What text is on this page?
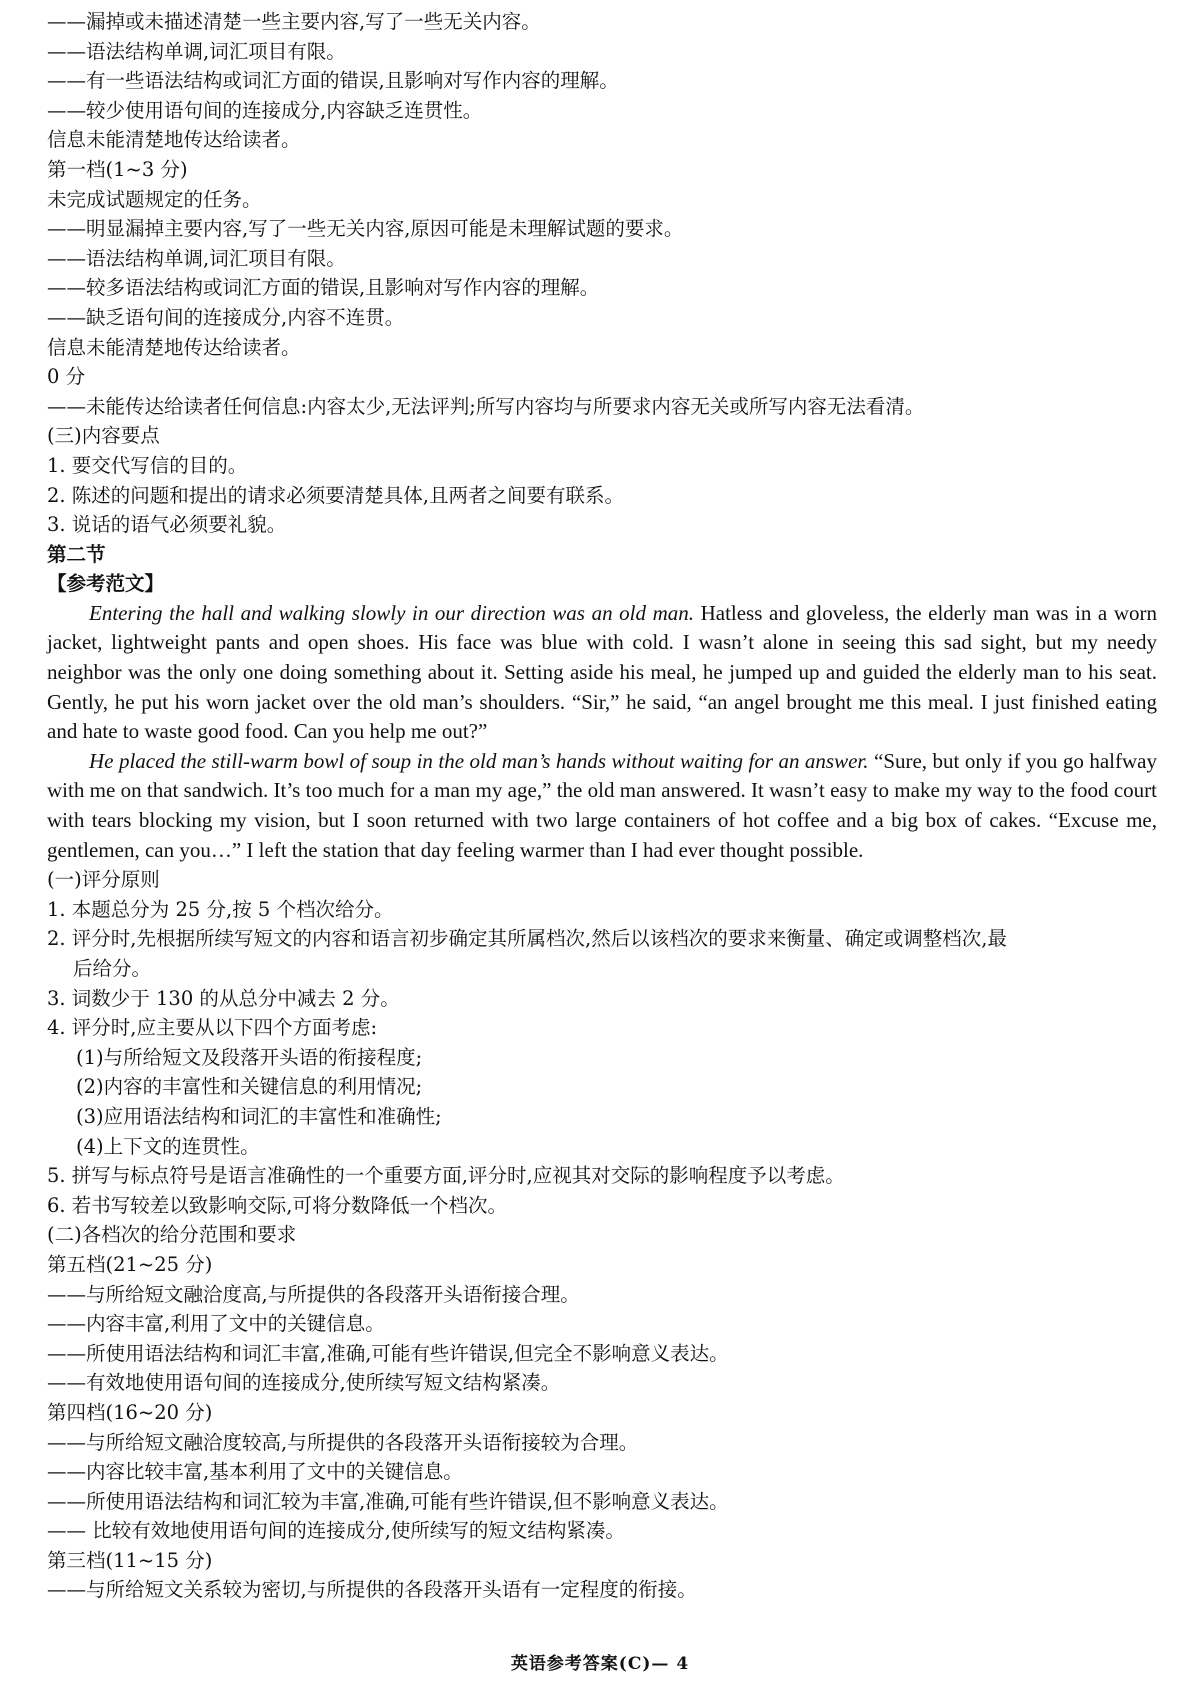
——漏掉或未描述清楚一些主要内容,写了一些无关内容。
——语法结构单调,词汇项目有限。
——有一些语法结构或词汇方面的错误,且影响对写作内容的理解。
——较少使用语句间的连接成分,内容缺乏连贯性。
信息未能清楚地传达给读者。
第一档(1~3 分)
未完成试题规定的任务。
——明显漏掉主要内容,写了一些无关内容,原因可能是未理解试题的要求。
——语法结构单调,词汇项目有限。
——较多语法结构或词汇方面的错误,且影响对写作内容的理解。
——缺乏语句间的连接成分,内容不连贯。
信息未能清楚地传达给读者。
0 分
——未能传达给读者任何信息:内容太少,无法评判;所写内容均与所要求内容无关或所写内容无法看清。
(三)内容要点
1. 要交代写信的目的。
2. 陈述的问题和提出的请求必须要清楚具体,且两者之间要有联系。
3. 说话的语气必须要礼貌。
第二节
【参考范文】

Entering the hall and walking slowly in our direction was an old man. Hatless and gloveless, the elderly man was in a worn jacket, lightweight pants and open shoes. His face was blue with cold. I wasn’t alone in seeing this sad sight, but my needy neighbor was the only one doing something about it. Setting aside his meal, he jumped up and guided the elderly man to his seat. Gently, he put his worn jacket over the old man’s shoulders. “Sir,” he said, “an angel brought me this meal. I just finished eating and hate to waste good food. Can you help me out?”

He placed the still-warm bowl of soup in the old man’s hands without waiting for an answer. “Sure, but only if you go halfway with me on that sandwich. It’s too much for a man my age,” the old man answered. It wasn’t easy to make my way to the food court with tears blocking my vision, but I soon returned with two large containers of hot coffee and a big box of cakes. “Excuse me, gentlemen, can you…” I left the station that day feeling warmer than I had ever thought possible.

(一)评分原则
1. 本题总分为 25 分,按 5 个档次给分。
2. 评分时,先根据所续写短文的内容和语言初步确定其所属档次,然后以该档次的要求来衡量、确定或调整档次,最
后给分。
3. 词数少于 130 的从总分中减去 2 分。
4. 评分时,应主要从以下四个方面考虑:
(1)与所给短文及段落开头语的衔接程度;
(2)内容的丰富性和关键信息的利用情况;
(3)应用语法结构和词汇的丰富性和准确性;
(4)上下文的连贯性。
5. 拼写与标点符号是语言准确性的一个重要方面,评分时,应视其对交际的影响程度予以考虑。
6. 若书写较差以致影响交际,可将分数降低一个档次。
(二)各档次的给分范围和要求
第五档(21~25 分)
——与所给短文融洽度高,与所提供的各段落开头语衔接合理。
——内容丰富,利用了文中的关键信息。
——所使用语法结构和词汇丰富,准确,可能有些许错误,但完全不影响意义表达。
——有效地使用语句间的连接成分,使所续写短文结构紧凑。
第四档(16~20 分)
——与所给短文融洽度较高,与所提供的各段落开头语衔接较为合理。
——内容比较丰富,基本利用了文中的关键信息。
——所使用语法结构和词汇较为丰富,准确,可能有些许错误,但不影响意义表达。
—— 比较有效地使用语句间的连接成分,使所续写的短文结构紧凑。
第三档(11~15 分)
——与所给短文关系较为密切,与所提供的各段落开头语有一定程度的衔接。
英语参考答案(C)— 4
